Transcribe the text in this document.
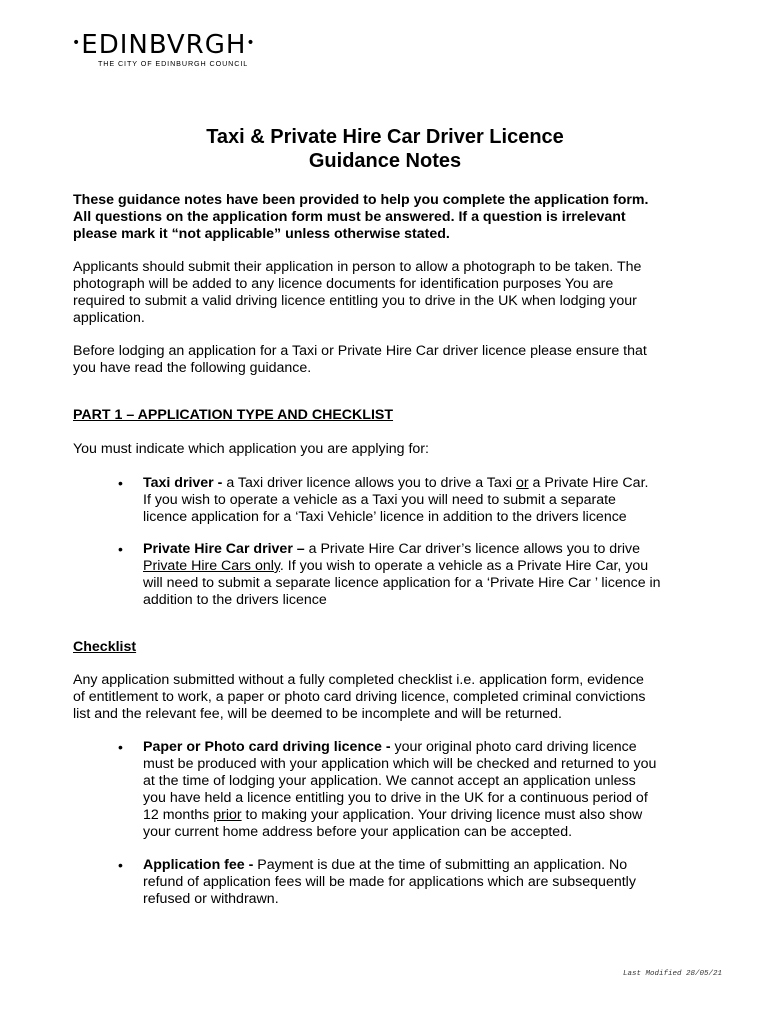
•EDINBVRGH•
THE CITY OF EDINBURGH COUNCIL
Taxi & Private Hire Car Driver Licence
Guidance Notes
These guidance notes have been provided to help you complete the application form.
All questions on the application form must be answered. If a question is irrelevant
please mark it “not applicable” unless otherwise stated.
Applicants should submit their application in person to allow a photograph to be taken. The
photograph will be added to any licence documents for identification purposes You are
required to submit a valid driving licence entitling you to drive in the UK when lodging your
application.
Before lodging an application for a Taxi or Private Hire Car driver licence please ensure that
you have read the following guidance.
PART 1 – APPLICATION TYPE AND CHECKLIST
You must indicate which application you are applying for:
• Taxi driver - a Taxi driver licence allows you to drive a Taxi or a Private Hire Car.
If you wish to operate a vehicle as a Taxi you will need to submit a separate
licence application for a ‘Taxi Vehicle’ licence in addition to the drivers licence
• Private Hire Car driver – a Private Hire Car driver’s licence allows you to drive
Private Hire Cars only. If you wish to operate a vehicle as a Private Hire Car, you
will need to submit a separate licence application for a ‘Private Hire Car ’ licence in
addition to the drivers licence
Checklist
Any application submitted without a fully completed checklist i.e. application form, evidence
of entitlement to work, a paper or photo card driving licence, completed criminal convictions
list and the relevant fee, will be deemed to be incomplete and will be returned.
• Paper or Photo card driving licence - your original photo card driving licence
must be produced with your application which will be checked and returned to you
at the time of lodging your application. We cannot accept an application unless
you have held a licence entitling you to drive in the UK for a continuous period of
12 months prior to making your application. Your driving licence must also show
your current home address before your application can be accepted.
• Application fee - Payment is due at the time of submitting an application. No
refund of application fees will be made for applications which are subsequently
refused or withdrawn.
Last Modified 28/05/21
